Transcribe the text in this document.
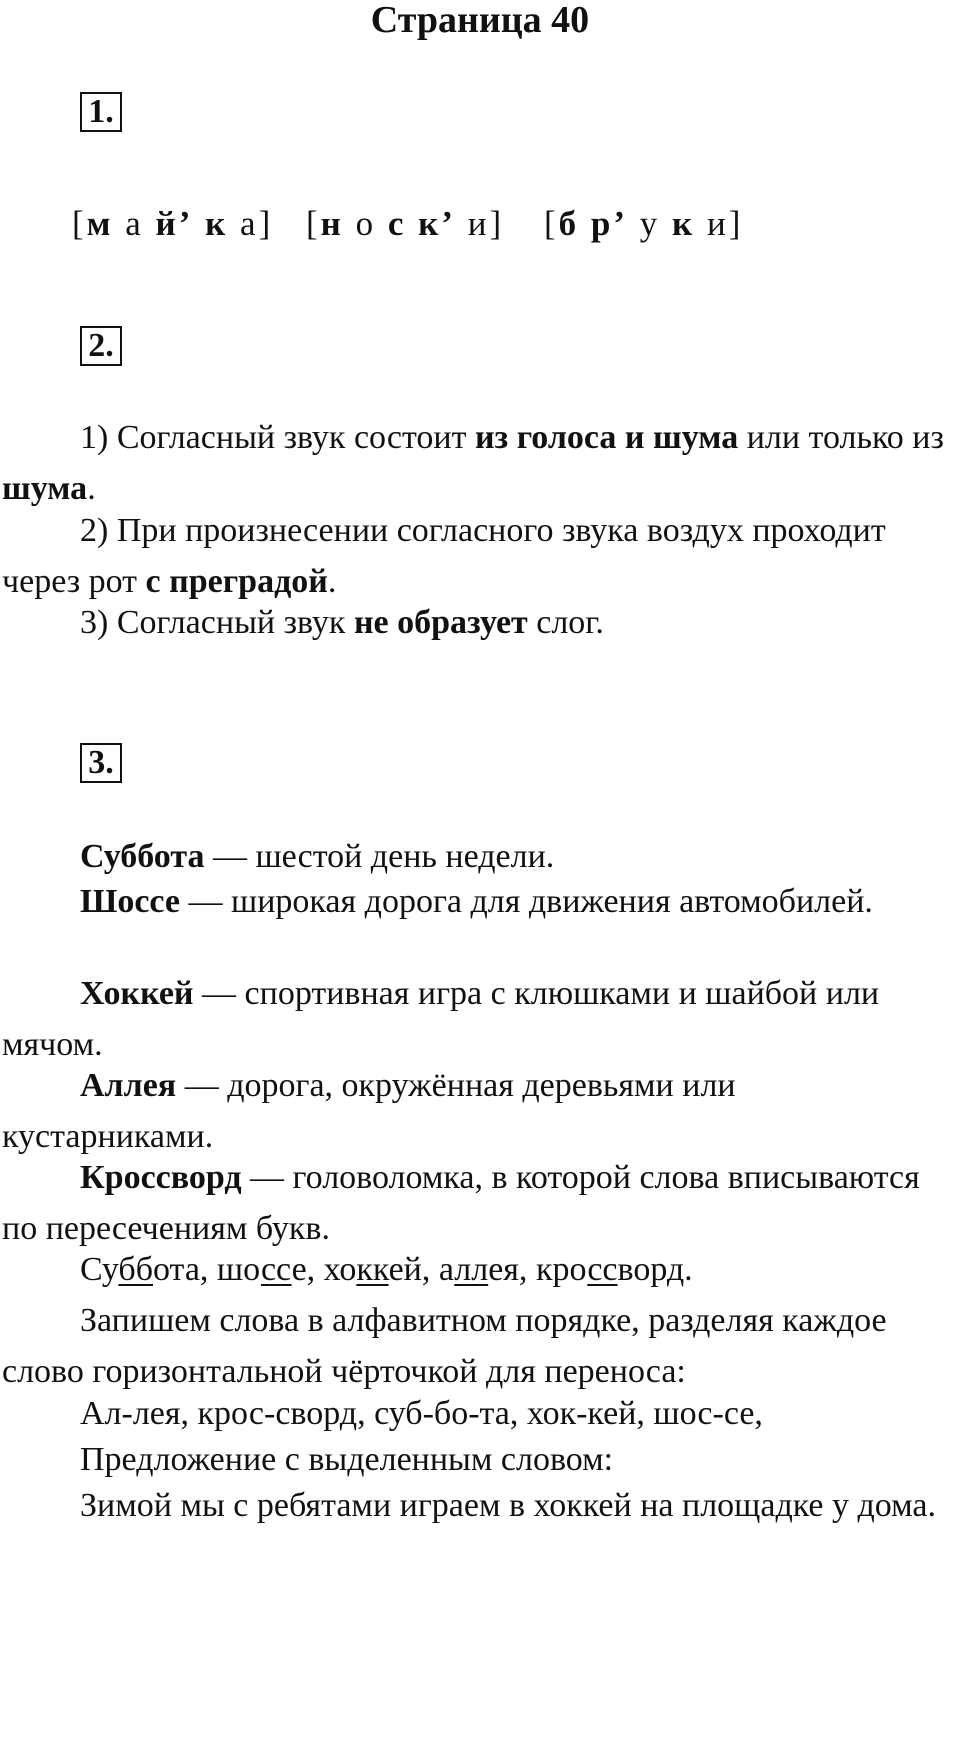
Страница 40
1.
[м а й’ к а] [н о с к’ и] [б р’ у к и]
2.
1) Согласный звук состоит из голоса и шума или только из шума.
2) При произнесении согласного звука воздух проходит через рот с преградой.
3) Согласный звук не образует слог.
3.
Суббота — шестой день недели.
Шоссе — широкая дорога для движения автомобилей.
Хоккей — спортивная игра с клюшками и шайбой или мячом.
Аллея — дорога, окружённая деревьями или кустарниками.
Кроссворд — головоломка, в которой слова вписываются по пересечениям букв.
Суббота, шоссе, хоккей, аллея, кроссворд.
Запишем слова в алфавитном порядке, разделяя каждое слово горизонтальной чёрточкой для переноса:
Ал-лея, крос-сворд, суб-бо-та, хок-кей, шос-се,
Предложение с выделенным словом:
Зимой мы с ребятами играем в хоккей на площадке у дома.
